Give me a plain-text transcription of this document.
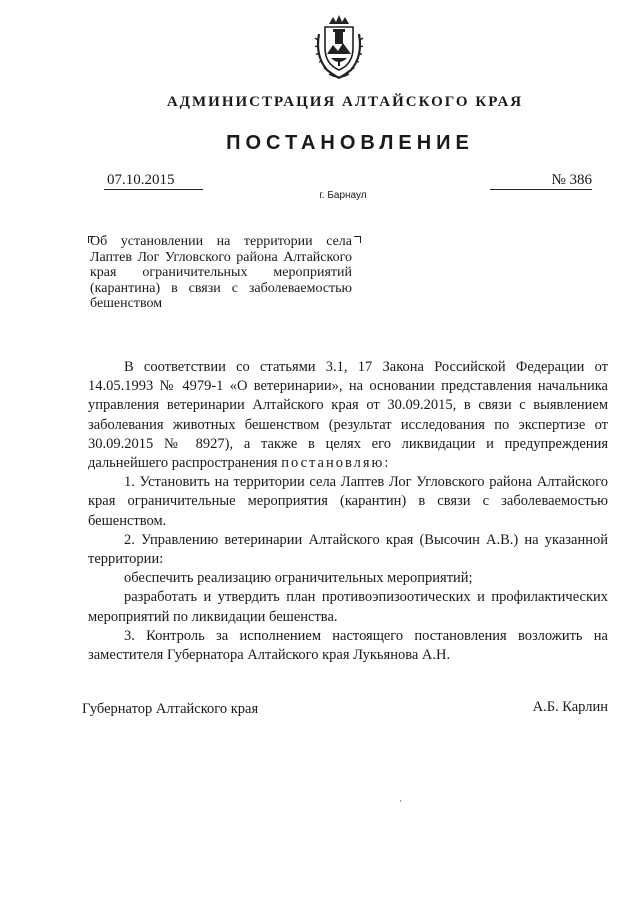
АДМИНИСТРАЦИЯ АЛТАЙСКОГО КРАЯ
ПОСТАНОВЛЕНИЕ
07.10.2015	№ 386
г. Барнаул
Об установлении на территории села Лаптев Лог Угловского района Алтайского края ограничительных мероприятий (карантина) в связи с заболеваемостью бешенством

В соответствии со статьями 3.1, 17 Закона Российской Федерации от 14.05.1993 № 4979-1 «О ветеринарии», на основании представления начальника управления ветеринарии Алтайского края от 30.09.2015, в связи с выявлением заболевания животных бешенством (результат исследования по экспертизе от 30.09.2015 № 8927), а также в целях его ликвидации и предупреждения дальнейшего распространения постановляю:

1. Установить на территории села Лаптев Лог Угловского района Алтайского края ограничительные мероприятия (карантин) в связи с заболеваемостью бешенством.

2. Управлению ветеринарии Алтайского края (Высочин А.В.) на указанной территории:

обеспечить реализацию ограничительных мероприятий;

разработать и утвердить план противоэпизоотических и профилактических мероприятий по ликвидации бешенства.

3. Контроль за исполнением настоящего постановления возложить на заместителя Губернатора Алтайского края Лукьянова А.Н.

Губернатор Алтайского края	А.Б. Карлин
